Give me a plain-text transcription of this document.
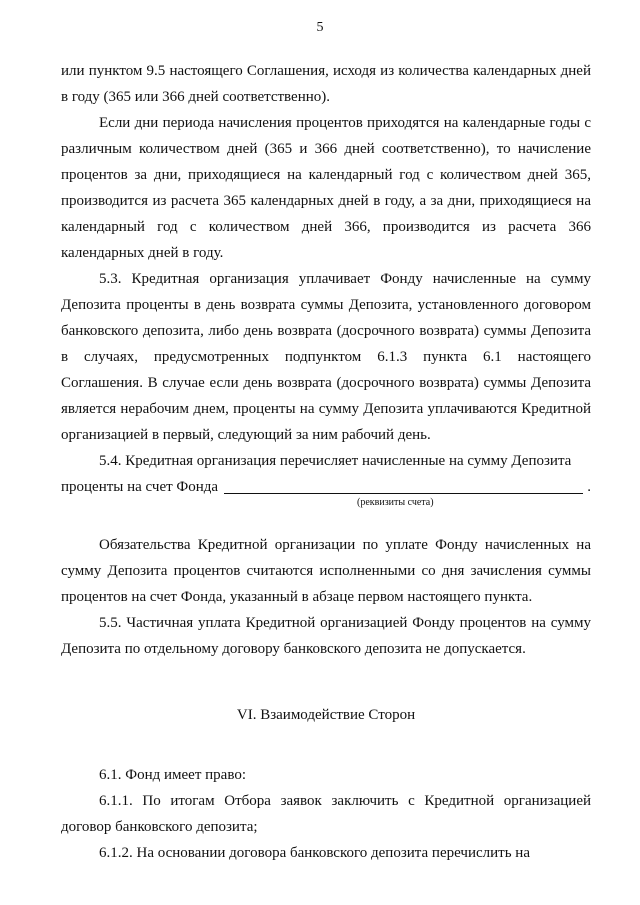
5

или пунктом 9.5 настоящего Соглашения, исходя из количества календарных дней в году (365 или 366 дней соответственно).

Если дни периода начисления процентов приходятся на календарные годы с различным количеством дней (365 и 366 дней соответственно), то начисление процентов за дни, приходящиеся на календарный год с количеством дней 365, производится из расчета 365 календарных дней в году, а за дни, приходящиеся на календарный год с количеством дней 366, производится из расчета 366 календарных дней в году.

5.3. Кредитная организация уплачивает Фонду начисленные на сумму Депозита проценты в день возврата суммы Депозита, установленного договором банковского депозита, либо день возврата (досрочного возврата) суммы Депозита в случаях, предусмотренных подпунктом 6.1.3 пункта 6.1 настоящего Соглашения. В случае если день возврата (досрочного возврата) суммы Депозита является нерабочим днем, проценты на сумму Депозита уплачиваются Кредитной организацией в первый, следующий за ним рабочий день.

5.4. Кредитная организация перечисляет начисленные на сумму Депозита

проценты на счет Фонда	.
(реквизиты счета)

Обязательства Кредитной организации по уплате Фонду начисленных на сумму Депозита процентов считаются исполненными со дня зачисления суммы процентов на счет Фонда, указанный в абзаце первом настоящего пункта.

5.5. Частичная уплата Кредитной организацией Фонду процентов на сумму Депозита по отдельному договору банковского депозита не допускается.

VI. Взаимодействие Сторон

6.1. Фонд имеет право:

6.1.1. По итогам Отбора заявок заключить с Кредитной организацией договор банковского депозита;

6.1.2. На основании договора банковского депозита перечислить на
